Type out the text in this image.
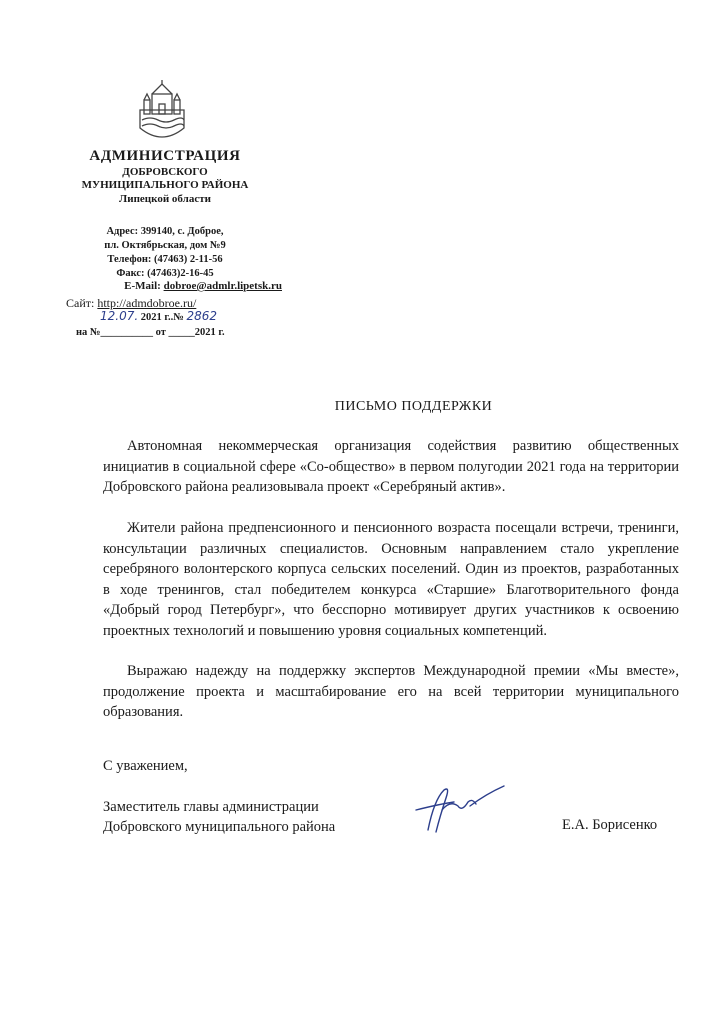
АДМИНИСТРАЦИЯ

ДОБРОВСКОГО

МУНИЦИПАЛЬНОГО РАЙОНА

Липецкой области

Адрес: 399140, с. Доброе,
пл. Октябрьская, дом №9
Телефон: (47463) 2-11-56
Факс: (47463)2-16-45
E-Mail: dobroe@admlr.lipetsk.ru
Сайт: http://admdobroe.ru/
12.07. 2021 г..№ 2862
на №__________ от _____2021 г.
ПИСЬМО ПОДДЕРЖКИ

Автономная некоммерческая организация содействия развитию общественных инициатив в социальной сфере «Со-общество» в первом полугодии 2021 года на территории Добровского района реализовывала проект «Серебряный актив».

Жители района предпенсионного и пенсионного возраста посещали встречи, тренинги, консультации различных специалистов. Основным направлением стало укрепление серебряного волонтерского корпуса сельских поселений. Один из проектов, разработанных в ходе тренингов, стал победителем конкурса «Старшие» Благотворительного фонда «Добрый город Петербург», что бесспорно мотивирует других участников к освоению проектных технологий и повышению уровня социальных компетенций.

Выражаю надежду на поддержку экспертов Международной премии «Мы вместе», продолжение проекта и масштабирование его на всей территории муниципального образования.

С уважением,
Заместитель главы администрации
Добровского муниципального района	Е.А. Борисенко
